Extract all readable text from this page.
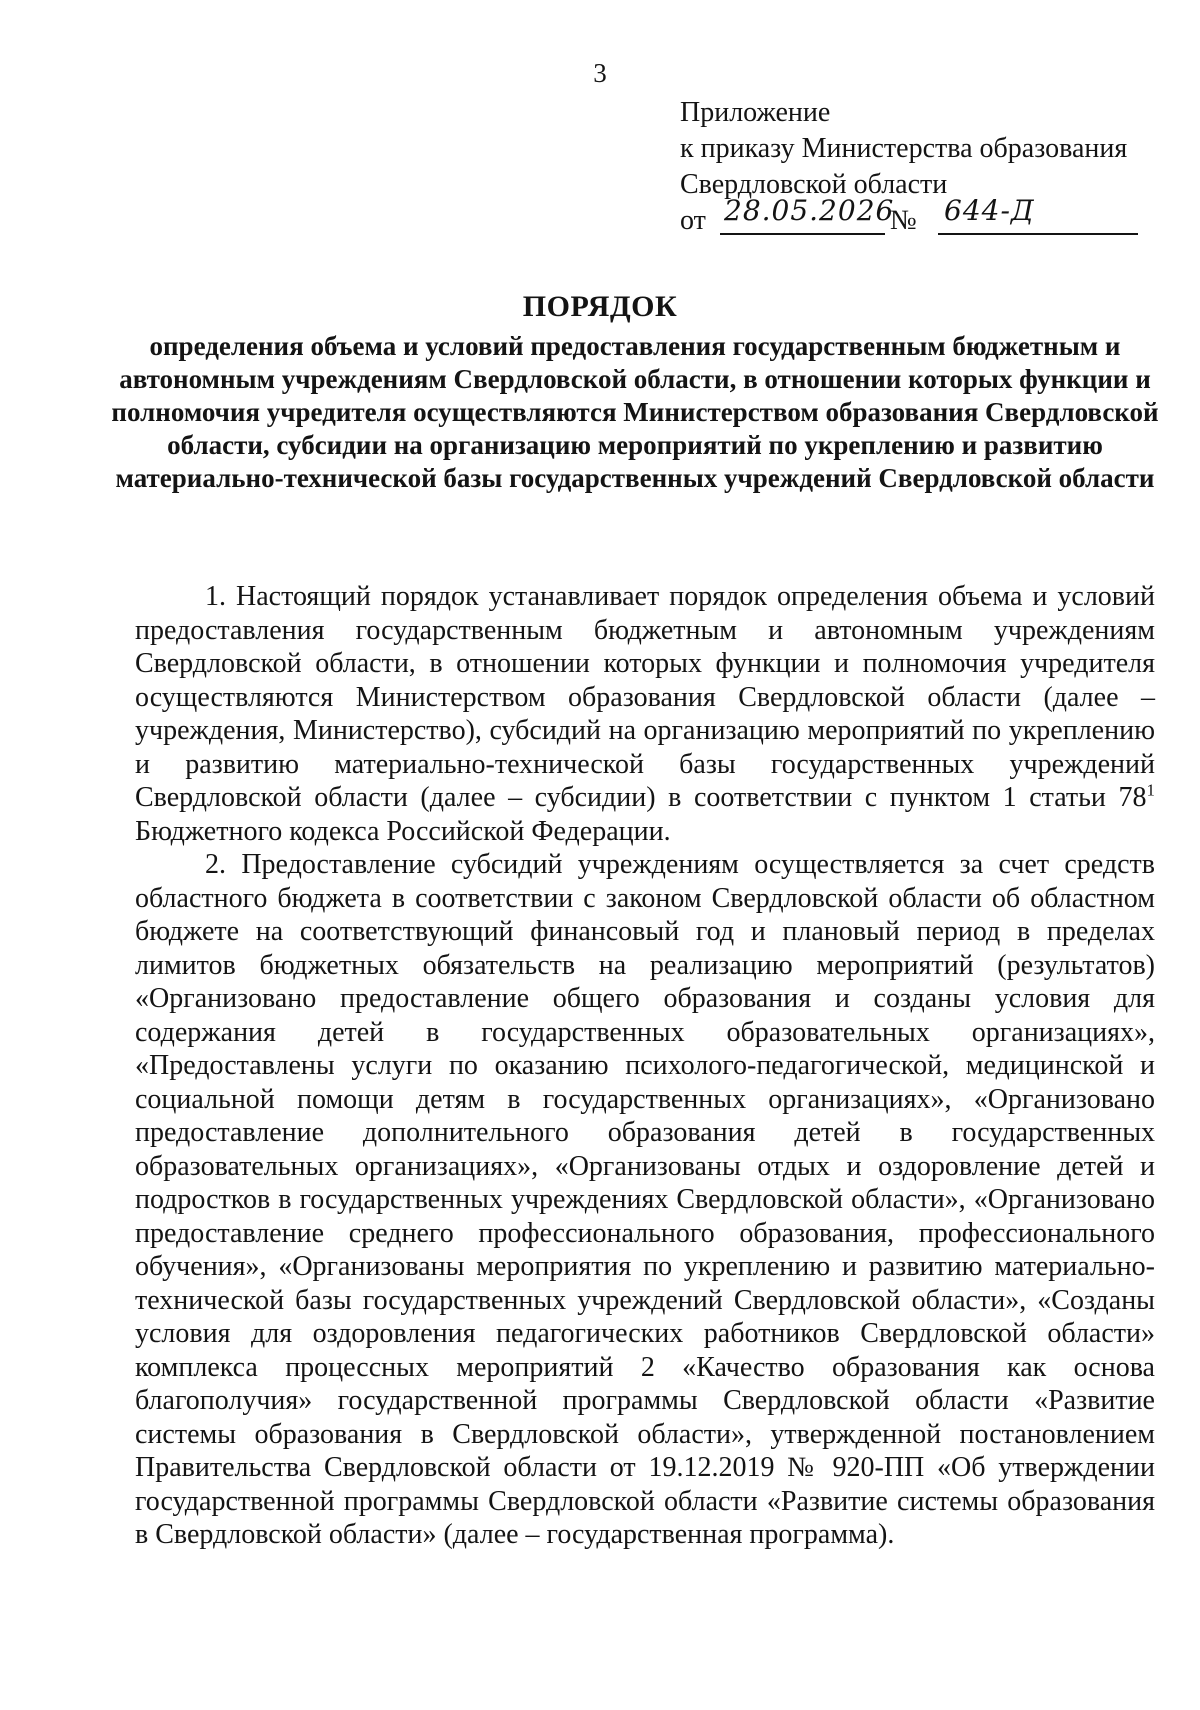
3
Приложение
к приказу Министерства образования
Свердловской области
от 28.05.2026
№ 644-Д
ПОРЯДОК
определения объема и условий предоставления государственным бюджетным и автономным учреждениям Свердловской области, в отношении которых функции и полномочия учредителя осуществляются Министерством образования Свердловской области, субсидии на организацию мероприятий по укреплению и развитию материально-технической базы государственных учреждений Свердловской области

1. Настоящий порядок устанавливает порядок определения объема и условий предоставления государственным бюджетным и автономным учреждениям Свердловской области, в отношении которых функции и полномочия учредителя осуществляются Министерством образования Свердловской области (далее – учреждения, Министерство), субсидий на организацию мероприятий по укреплению и развитию материально-технической базы государственных учреждений Свердловской области (далее – субсидии) в соответствии с пунктом 1 статьи $78^1$ Бюджетного кодекса Российской Федерации.

2. Предоставление субсидий учреждениям осуществляется за счет средств областного бюджета в соответствии с законом Свердловской области об областном бюджете на соответствующий финансовый год и плановый период в пределах лимитов бюджетных обязательств на реализацию мероприятий (результатов) «Организовано предоставление общего образования и созданы условия для содержания детей в государственных образовательных организациях», «Предоставлены услуги по оказанию психолого-педагогической, медицинской и социальной помощи детям в государственных организациях», «Организовано предоставление дополнительного образования детей в государственных образовательных организациях», «Организованы отдых и оздоровление детей и подростков в государственных учреждениях Свердловской области», «Организовано предоставление среднего профессионального образования, профессионального обучения», «Организованы мероприятия по укреплению и развитию материально-технической базы государственных учреждений Свердловской области», «Созданы условия для оздоровления педагогических работников Свердловской области» комплекса процессных мероприятий 2 «Качество образования как основа благополучия» государственной программы Свердловской области «Развитие системы образования в Свердловской области», утвержденной постановлением Правительства Свердловской области от 19.12.2019 № 920-ПП «Об утверждении государственной программы Свердловской области «Развитие системы образования в Свердловской области» (далее – государственная программа).
